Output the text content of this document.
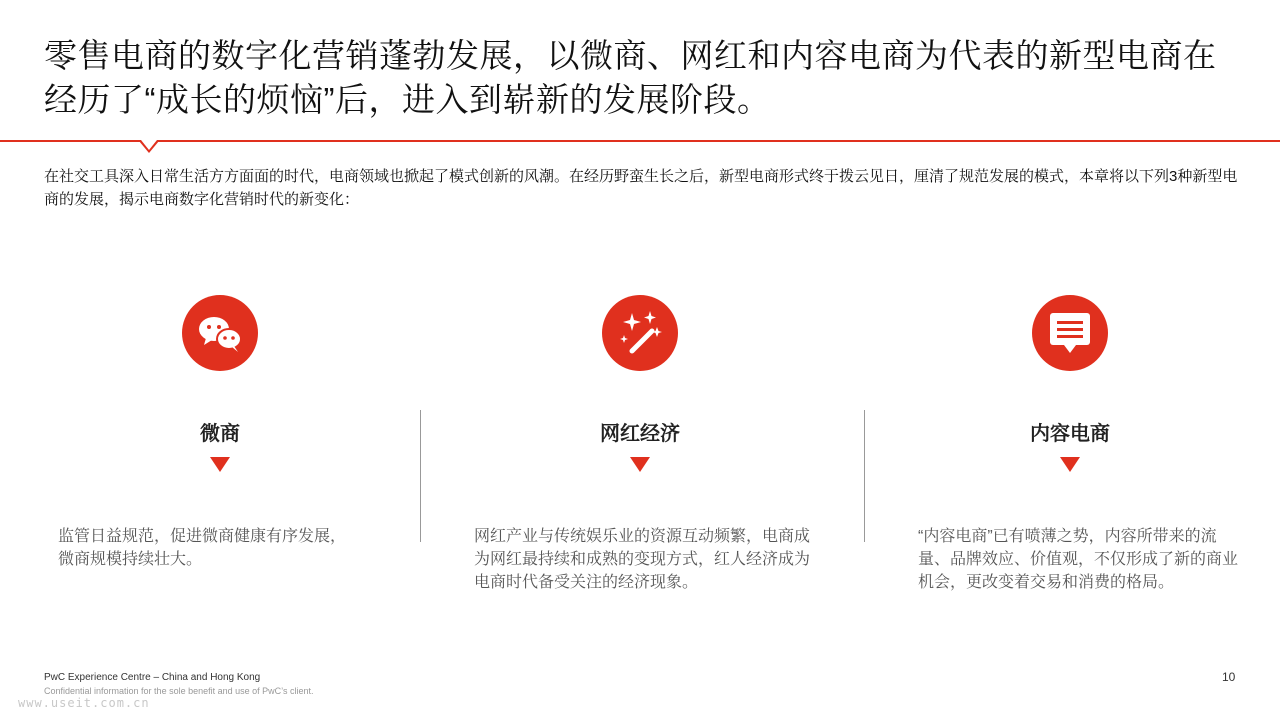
零售电商的数字化营销蓬勃发展，以微商、网红和内容电商为代表的新型电商在经历了“成长的烦恼”后，进入到崭新的发展阶段。
在社交工具深入日常生活方方面面的时代，电商领域也掀起了模式创新的风潮。在经历野蛮生长之后，新型电商形式终于拨云见日，厘清了规范发展的模式，本章将以下列3种新型电商的发展，揭示电商数字化营销时代的新变化：
微商	网红经济	内容电商
监管日益规范，促进微商健康有序发展，微商规模持续壮大。
网红产业与传统娱乐业的资源互动频繁，电商成为网红最持续和成熟的变现方式，红人经济成为电商时代备受关注的经济现象。
“内容电商”已有喷薄之势，内容所带来的流量、品牌效应、价值观，不仅形成了新的商业机会，更改变着交易和消费的格局。
PwC Experience Centre – China and Hong Kong
Confidential information for the sole benefit and use of PwC’s client.
www.useit.com.cn
10
